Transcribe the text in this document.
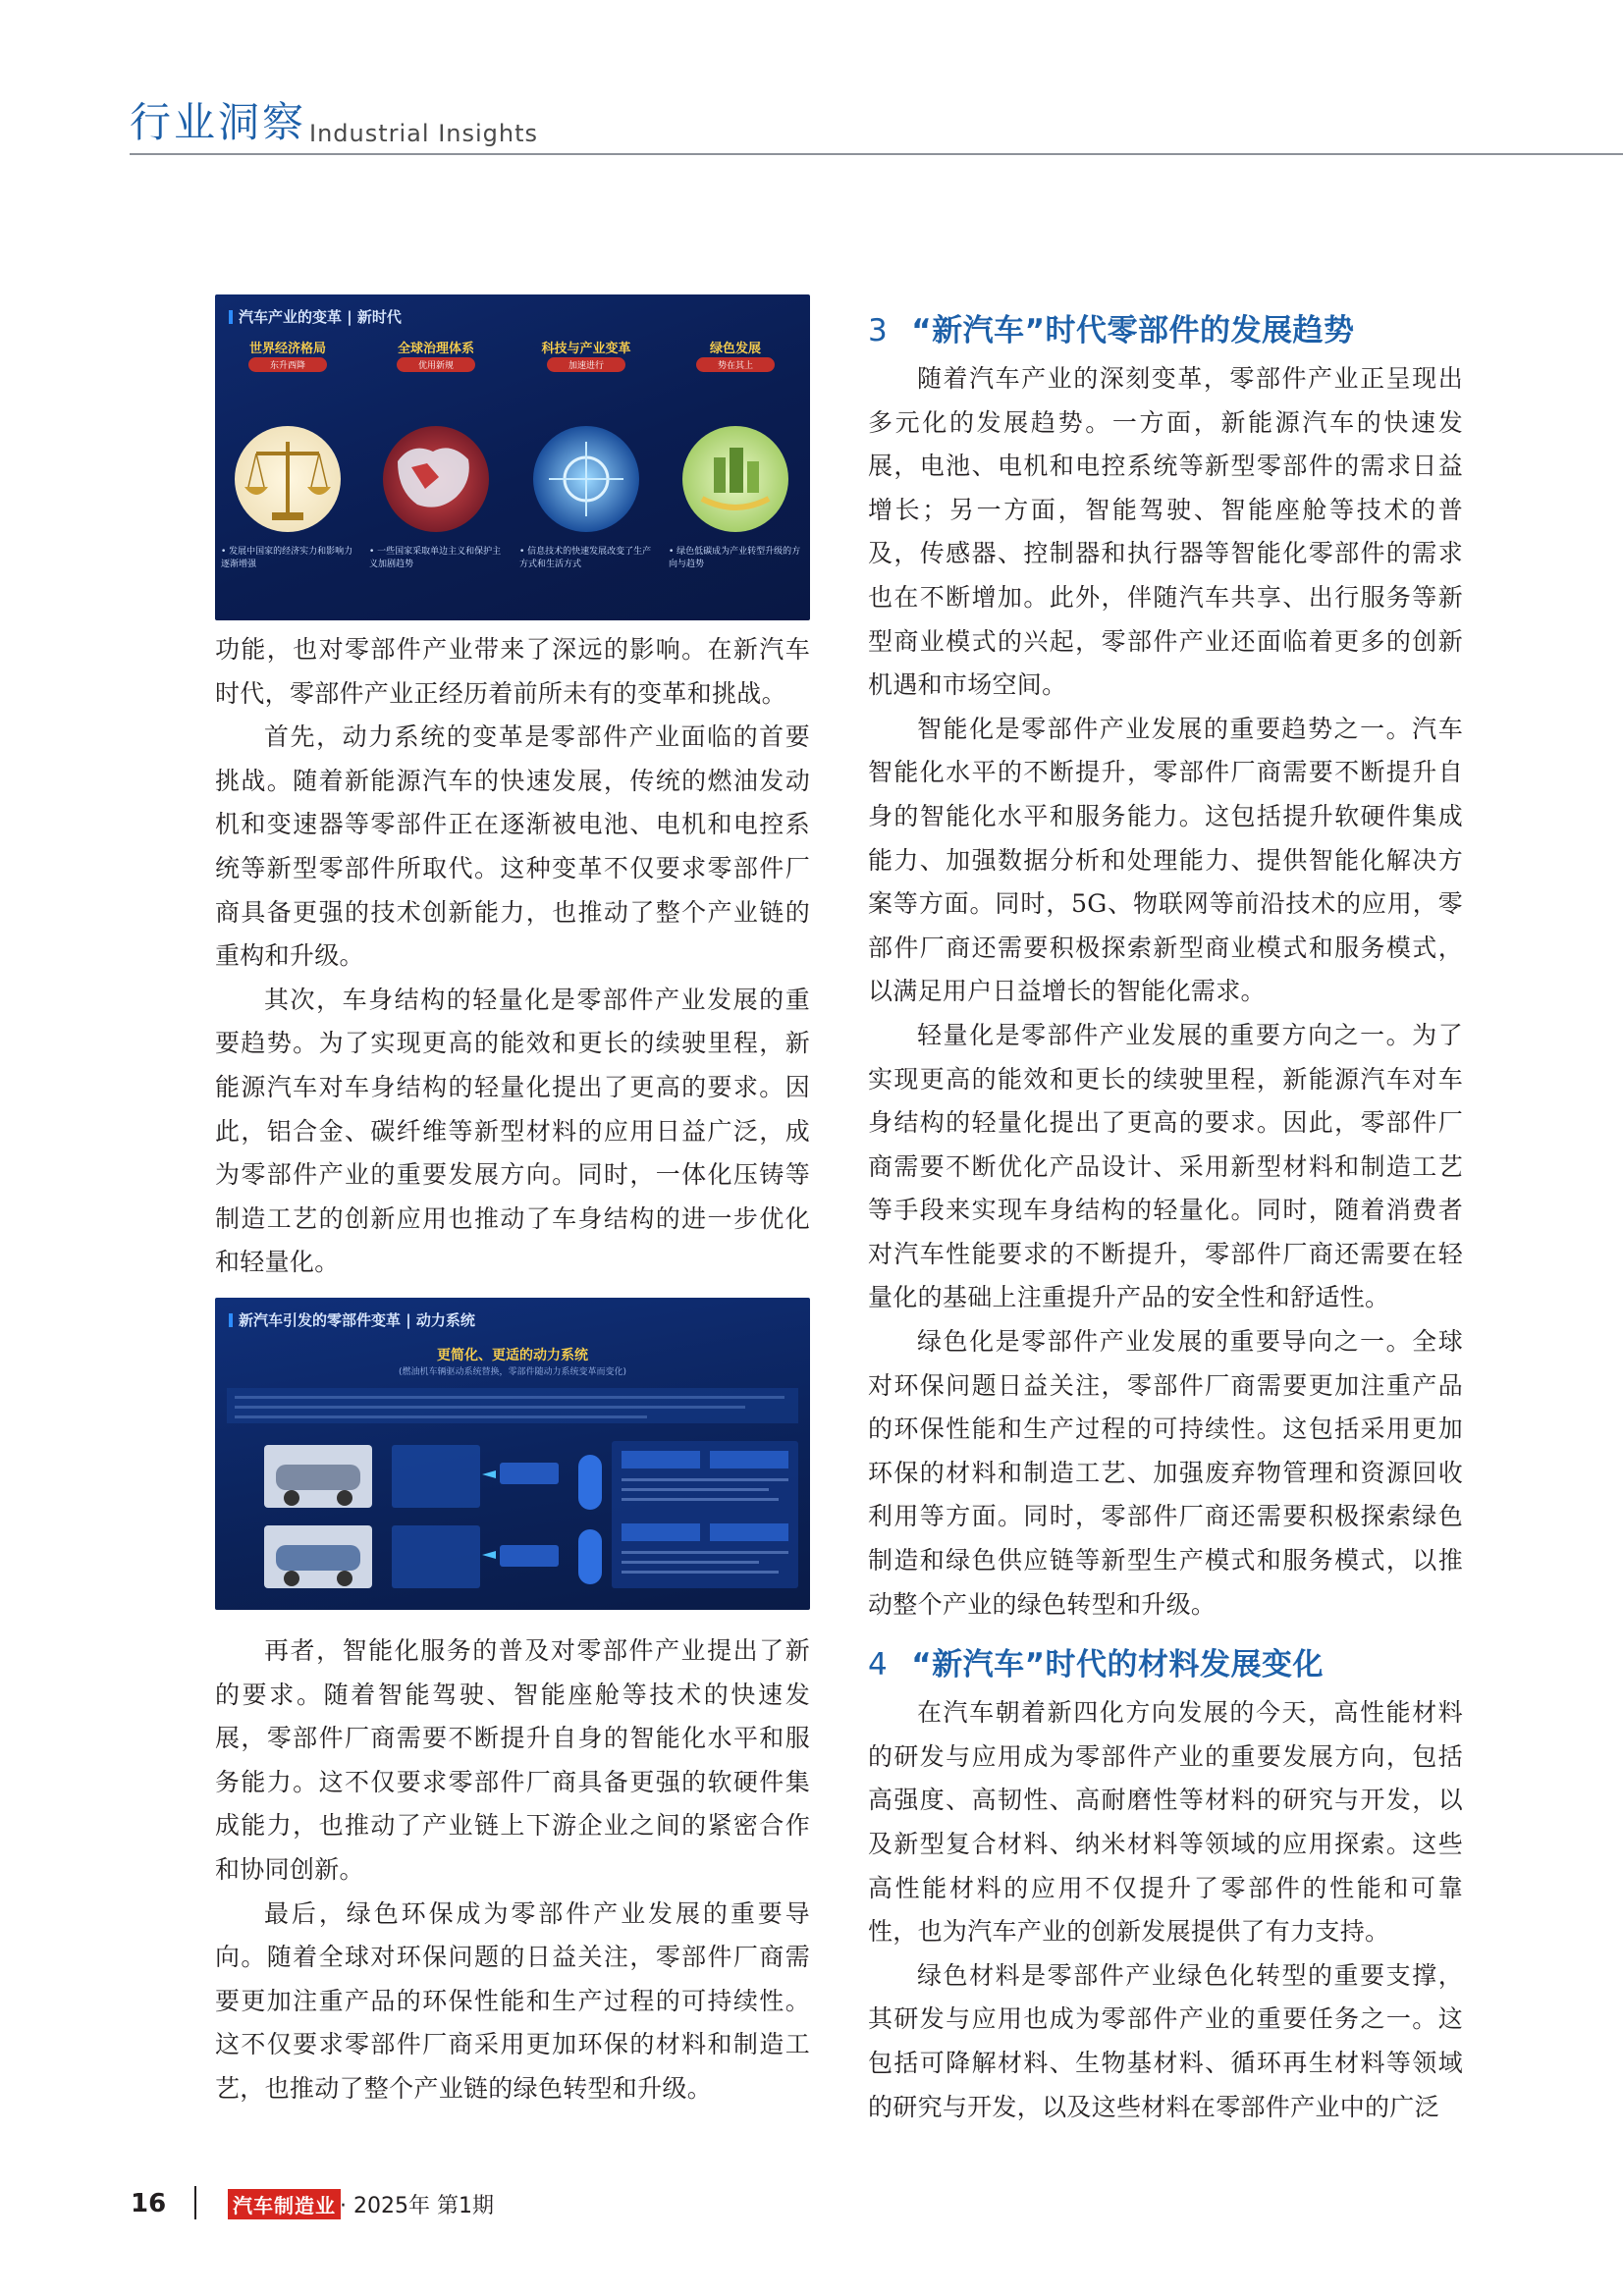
行业洞察 Industrial Insights
汽车产业的变革 | 新时代
世界经济格局
东升西降
• 发展中国家的经济实力和影响力逐渐增强
全球治理体系
优用新规
• 一些国家采取单边主义和保护主义加剧趋势
科技与产业变革
加速进行
• 信息技术的快速发展改变了生产方式和生活方式
绿色发展
势在其上
• 绿色低碳成为产业转型升级的方向与趋势
新汽车引发的零部件变革 | 动力系统
更简化、更适的动力系统
(燃油机车辆驱动系统替换，零部件随动力系统变革而变化)

功能，也对零部件产业带来了深远的影响。在新汽车时代，零部件产业正经历着前所未有的变革和挑战。

首先，动力系统的变革是零部件产业面临的首要挑战。随着新能源汽车的快速发展，传统的燃油发动机和变速器等零部件正在逐渐被电池、电机和电控系统等新型零部件所取代。这种变革不仅要求零部件厂商具备更强的技术创新能力，也推动了整个产业链的重构和升级。

其次，车身结构的轻量化是零部件产业发展的重要趋势。为了实现更高的能效和更长的续驶里程，新能源汽车对车身结构的轻量化提出了更高的要求。因此，铝合金、碳纤维等新型材料的应用日益广泛，成为零部件产业的重要发展方向。同时，一体化压铸等制造工艺的创新应用也推动了车身结构的进一步优化和轻量化。

再者，智能化服务的普及对零部件产业提出了新的要求。随着智能驾驶、智能座舱等技术的快速发展，零部件厂商需要不断提升自身的智能化水平和服务能力。这不仅要求零部件厂商具备更强的软硬件集成能力，也推动了产业链上下游企业之间的紧密合作和协同创新。

最后，绿色环保成为零部件产业发展的重要导向。随着全球对环保问题的日益关注，零部件厂商需要更加注重产品的环保性能和生产过程的可持续性。这不仅要求零部件厂商采用更加环保的材料和制造工艺，也推动了整个产业链的绿色转型和升级。

3 “新汽车”时代零部件的发展趋势

随着汽车产业的深刻变革，零部件产业正呈现出多元化的发展趋势。一方面，新能源汽车的快速发展，电池、电机和电控系统等新型零部件的需求日益增长；另一方面，智能驾驶、智能座舱等技术的普及，传感器、控制器和执行器等智能化零部件的需求也在不断增加。此外，伴随汽车共享、出行服务等新型商业模式的兴起，零部件产业还面临着更多的创新机遇和市场空间。

智能化是零部件产业发展的重要趋势之一。汽车智能化水平的不断提升，零部件厂商需要不断提升自身的智能化水平和服务能力。这包括提升软硬件集成能力、加强数据分析和处理能力、提供智能化解决方案等方面。同时，5G、物联网等前沿技术的应用，零部件厂商还需要积极探索新型商业模式和服务模式，以满足用户日益增长的智能化需求。

轻量化是零部件产业发展的重要方向之一。为了实现更高的能效和更长的续驶里程，新能源汽车对车身结构的轻量化提出了更高的要求。因此，零部件厂商需要不断优化产品设计、采用新型材料和制造工艺等手段来实现车身结构的轻量化。同时，随着消费者对汽车性能要求的不断提升，零部件厂商还需要在轻量化的基础上注重提升产品的安全性和舒适性。

绿色化是零部件产业发展的重要导向之一。全球对环保问题日益关注，零部件厂商需要更加注重产品的环保性能和生产过程的可持续性。这包括采用更加环保的材料和制造工艺、加强废弃物管理和资源回收利用等方面。同时，零部件厂商还需要积极探索绿色制造和绿色供应链等新型生产模式和服务模式，以推动整个产业的绿色转型和升级。

4 “新汽车”时代的材料发展变化

在汽车朝着新四化方向发展的今天，高性能材料的研发与应用成为零部件产业的重要发展方向，包括高强度、高韧性、高耐磨性等材料的研究与开发，以及新型复合材料、纳米材料等领域的应用探索。这些高性能材料的应用不仅提升了零部件的性能和可靠性，也为汽车产业的创新发展提供了有力支持。

绿色材料是零部件产业绿色化转型的重要支撑，其研发与应用也成为零部件产业的重要任务之一。这包括可降解材料、生物基材料、循环再生材料等领域的研究与开发，以及这些材料在零部件产业中的广泛

16	汽车制造业 · 2025年 第1期
